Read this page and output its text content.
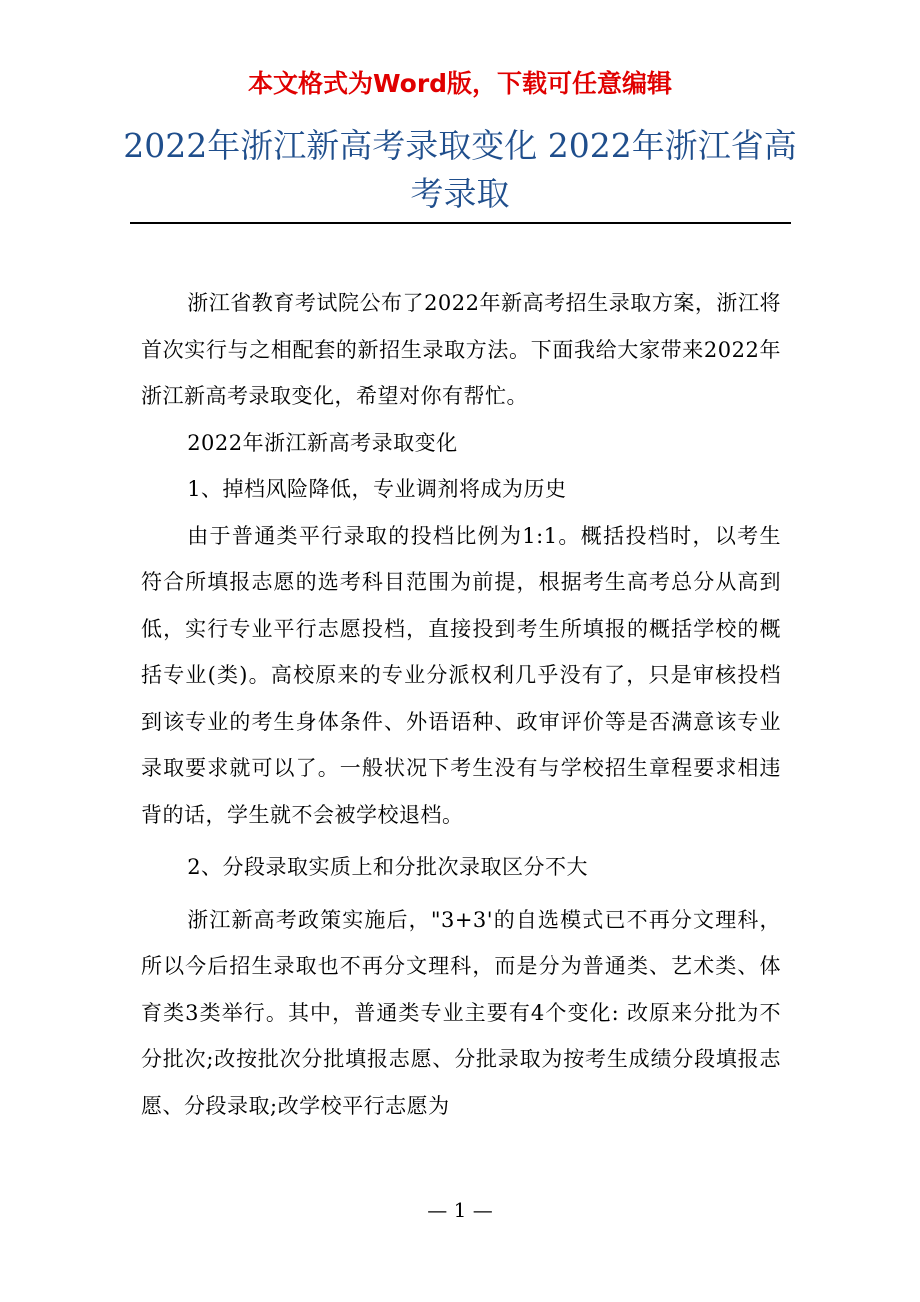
本文格式为Word版，下载可任意编辑
2022年浙江新高考录取变化 2022年浙江省高考录取

浙江省教育考试院公布了2022年新高考招生录取方案，浙江将首次实行与之相配套的新招生录取方法。下面我给大家带来2022年浙江新高考录取变化，希望对你有帮忙。

2022年浙江新高考录取变化

1、掉档风险降低，专业调剂将成为历史

由于普通类平行录取的投档比例为1:1。概括投档时，以考生符合所填报志愿的选考科目范围为前提，根据考生高考总分从高到低，实行专业平行志愿投档，直接投到考生所填报的概括学校的概括专业(类)。高校原来的专业分派权利几乎没有了，只是审核投档到该专业的考生身体条件、外语语种、政审评价等是否满意该专业录取要求就可以了。一般状况下考生没有与学校招生章程要求相违背的话，学生就不会被学校退档。

2、分段录取实质上和分批次录取区分不大

浙江新高考政策实施后，"3+3'的自选模式已不再分文理科，所以今后招生录取也不再分文理科，而是分为普通类、艺术类、体育类3类举行。其中，普通类专业主要有4个变化: 改原来分批为不分批次;改按批次分批填报志愿、分批录取为按考生成绩分段填报志愿、分段录取;改学校平行志愿为

— 1 —
